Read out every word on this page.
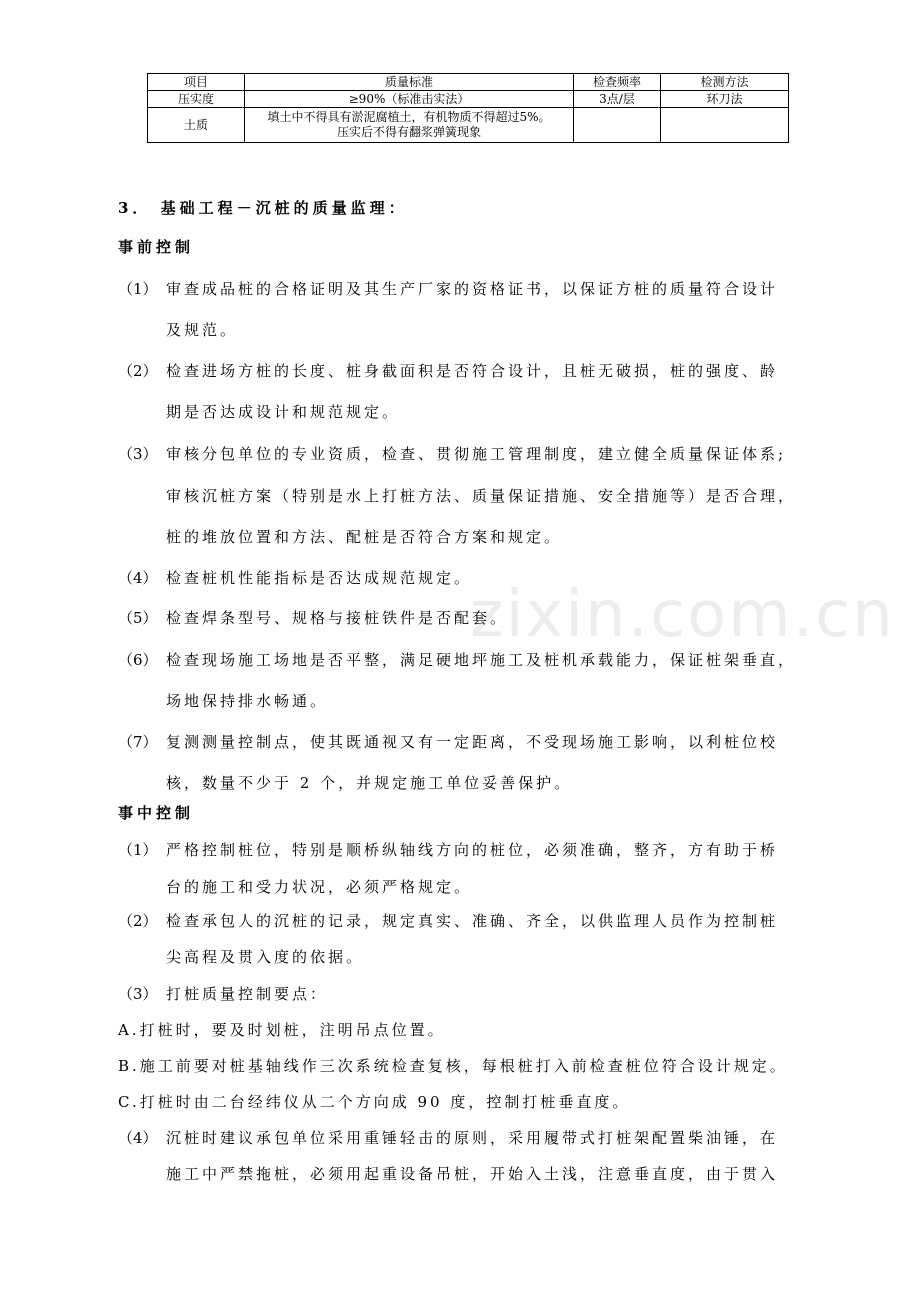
项目	质量标准	检查频率	检测方法
压实度	≥90%（标准击实法）	3点/层	环刀法
土质	填土中不得具有淤泥腐植土，有机物质不得超过5%。
压实后不得有翻浆弹簧现象		

3． 基础工程－沉桩的质量监理：
事前控制
（1） 审查成品桩的合格证明及其生产厂家的资格证书，以保证方桩的质量符合设计
及规范。
（2） 检查进场方桩的长度、桩身截面积是否符合设计，且桩无破损，桩的强度、龄
期是否达成设计和规范规定。
（3） 审核分包单位的专业资质，检查、贯彻施工管理制度，建立健全质量保证体系;
审核沉桩方案（特别是水上打桩方法、质量保证措施、安全措施等）是否合理，
桩的堆放位置和方法、配桩是否符合方案和规定。
（4） 检查桩机性能指标是否达成规范规定。
（5） 检查焊条型号、规格与接桩铁件是否配套。
（6） 检查现场施工场地是否平整，满足硬地坪施工及桩机承载能力，保证桩架垂直，
场地保持排水畅通。
（7） 复测测量控制点，使其既通视又有一定距离，不受现场施工影响，以利桩位校
核，数量不少于 2 个，并规定施工单位妥善保护。
事中控制
（1） 严格控制桩位，特别是顺桥纵轴线方向的桩位，必须准确，整齐，方有助于桥
台的施工和受力状况，必须严格规定。
（2） 检查承包人的沉桩的记录，规定真实、准确、齐全，以供监理人员作为控制桩
尖高程及贯入度的依据。
（3） 打桩质量控制要点：
A.打桩时，要及时划桩，注明吊点位置。
B.施工前要对桩基轴线作三次系统检查复核，每根桩打入前检查桩位符合设计规定。
C.打桩时由二台经纬仪从二个方向成 90 度，控制打桩垂直度。
（4） 沉桩时建议承包单位采用重锤轻击的原则，采用履带式打桩架配置柴油锤，在
施工中严禁拖桩，必须用起重设备吊桩，开始入土浅，注意垂直度，由于贯入
zixin.com.cn
